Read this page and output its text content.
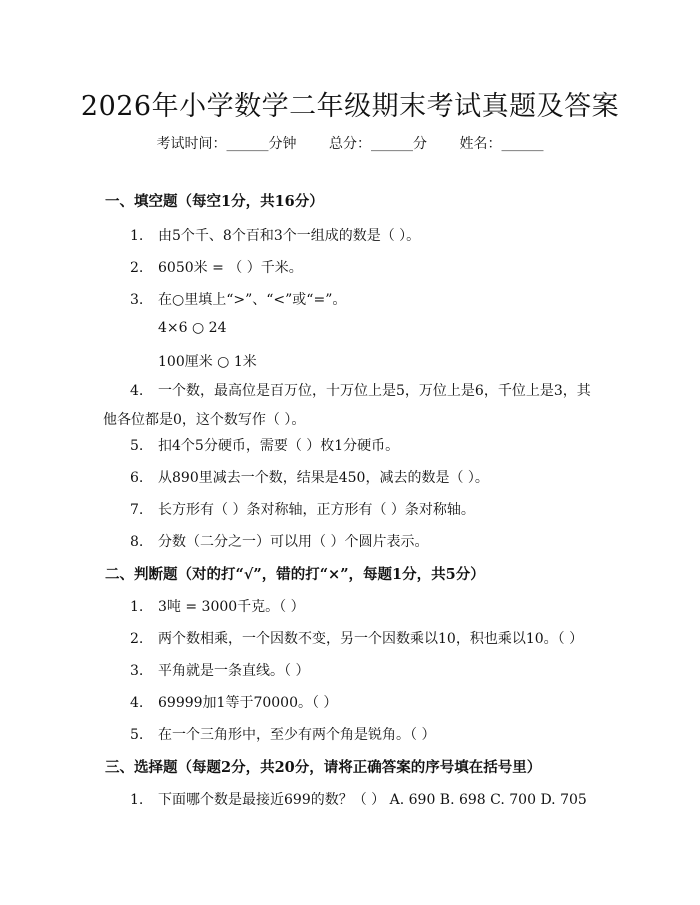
2026年小学数学二年级期末考试真题及答案
考试时间：______分钟 总分：______分 姓名：______
一、填空题（每空1分，共16分）
1. 由5个千、8个百和3个一组成的数是（ ）。
2. 6050米 = （ ）千米。
3. 在○里填上“>”、“<”或“=”。
4×6 ○ 24
100厘米 ○ 1米
4. 一个数，最高位是百万位，十万位上是5，万位上是6，千位上是3，其他各位都是0，这个数写作（ ）。
5. 扣4个5分硬币，需要（ ）枚1分硬币。
6. 从890里减去一个数，结果是450，减去的数是（ ）。
7. 长方形有（ ）条对称轴，正方形有（ ）条对称轴。
8. 分数（二分之一）可以用（ ）个圆片表示。
二、判断题（对的打“√”，错的打“×”，每题1分，共5分）
1. 3吨 = 3000千克。（ ）
2. 两个数相乘，一个因数不变，另一个因数乘以10，积也乘以10。（ ）
3. 平角就是一条直线。（ ）
4. 69999加1等于70000。（ ）
5. 在一个三角形中，至少有两个角是锐角。（ ）
三、选择题（每题2分，共20分，请将正确答案的序号填在括号里）
1. 下面哪个数是最接近699的数？（ ） A. 690 B. 698 C. 700 D. 705
